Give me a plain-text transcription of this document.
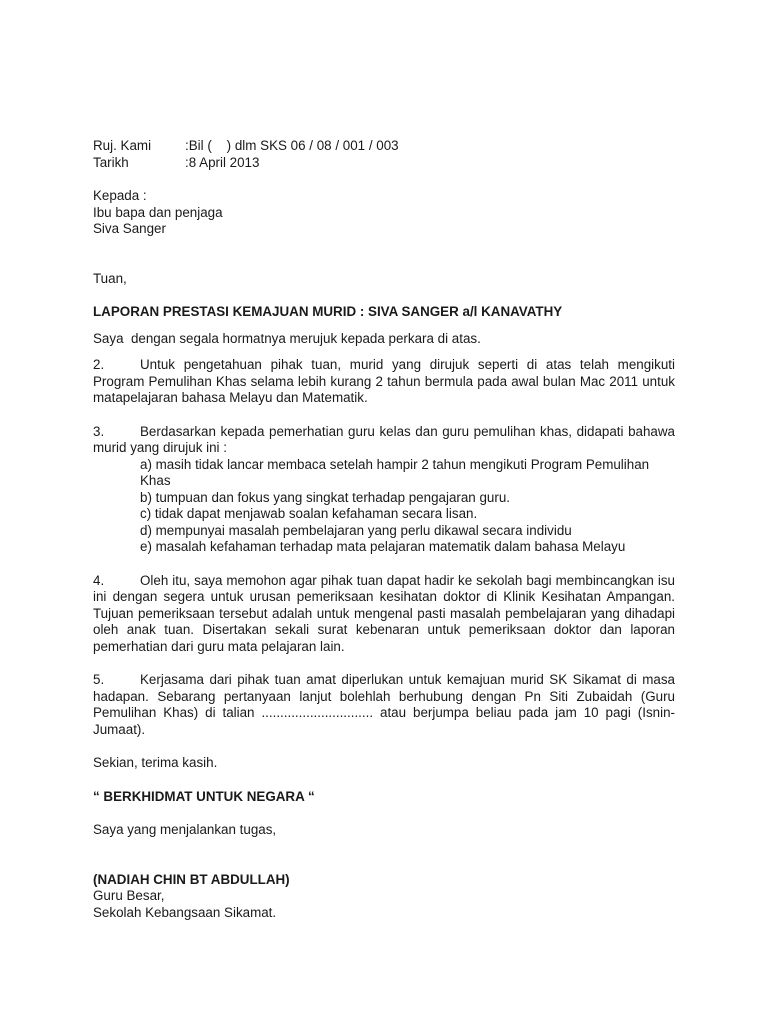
Ruj. Kami	:Bil (    ) dlm SKS 06 / 08 / 001 / 003
Tarikh	:8 April 2013
Kepada :
Ibu bapa dan penjaga
Siva Sanger
Tuan,
LAPORAN PRESTASI KEMAJUAN MURID : SIVA SANGER a/l KANAVATHY
Saya  dengan segala hormatnya merujuk kepada perkara di atas.
2.	Untuk pengetahuan pihak tuan, murid yang dirujuk seperti di atas telah mengikuti Program Pemulihan Khas selama lebih kurang 2 tahun bermula pada awal bulan Mac 2011 untuk matapelajaran bahasa Melayu dan Matematik.
3.	Berdasarkan kepada pemerhatian guru kelas dan guru pemulihan khas, didapati bahawa murid yang dirujuk ini :
a) masih tidak lancar membaca setelah hampir 2 tahun mengikuti Program Pemulihan Khas
b) tumpuan dan fokus yang singkat terhadap pengajaran guru.
c) tidak dapat menjawab soalan kefahaman secara lisan.
d) mempunyai masalah pembelajaran yang perlu dikawal secara individu
e) masalah kefahaman terhadap mata pelajaran matematik dalam bahasa Melayu
4.	Oleh itu, saya memohon agar pihak tuan dapat hadir ke sekolah bagi membincangkan isu ini dengan segera untuk urusan pemeriksaan kesihatan doktor di Klinik Kesihatan Ampangan. Tujuan pemeriksaan tersebut adalah untuk mengenal pasti masalah pembelajaran yang dihadapi oleh anak tuan. Disertakan sekali surat kebenaran untuk pemeriksaan doktor dan laporan pemerhatian dari guru mata pelajaran lain.
5.	Kerjasama dari pihak tuan amat diperlukan untuk kemajuan murid SK Sikamat di masa hadapan. Sebarang pertanyaan lanjut bolehlah berhubung dengan Pn Siti Zubaidah (Guru Pemulihan Khas) di talian .............................. atau berjumpa beliau pada jam 10 pagi (Isnin-Jumaat).
Sekian, terima kasih.
“ BERKHIDMAT UNTUK NEGARA “
Saya yang menjalankan tugas,
(NADIAH CHIN BT ABDULLAH)
Guru Besar,
Sekolah Kebangsaan Sikamat.
